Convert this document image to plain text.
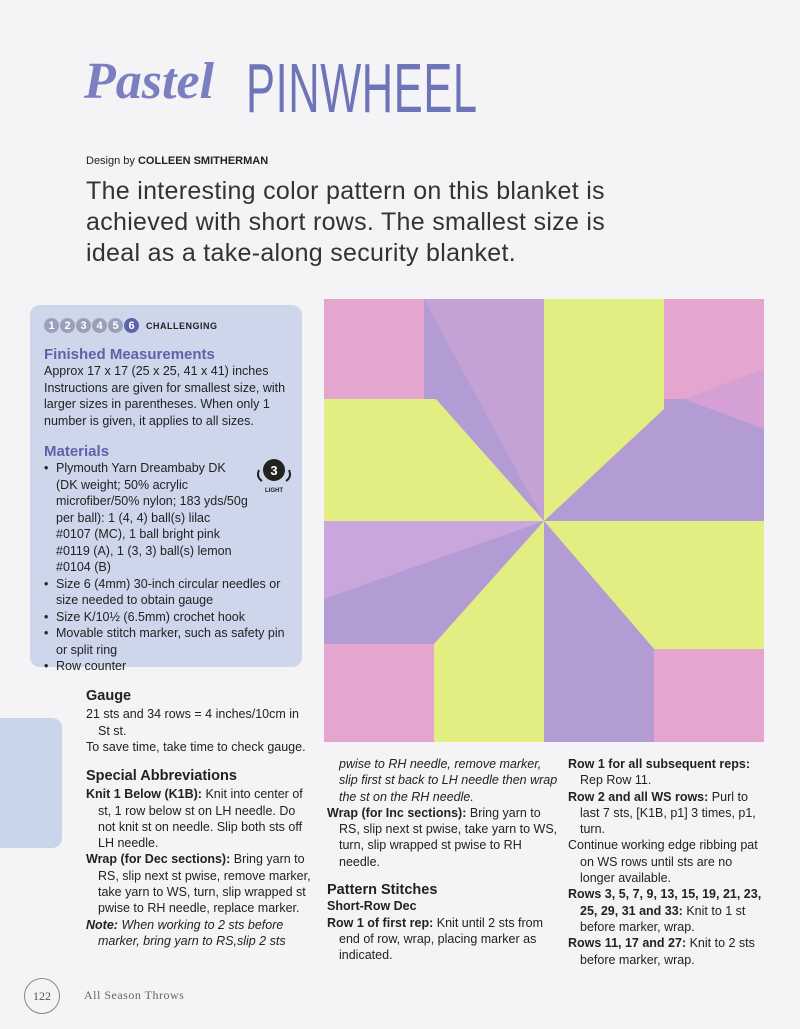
Pastel PINWHEEL
Design by COLLEEN SMITHERMAN
The interesting color pattern on this blanket is achieved with short rows. The smallest size is ideal as a take-along security blanket.
1 2 3 4 5 6	CHALLENGING
Finished Measurements
Approx 17 x 17 (25 x 25, 41 x 41) inches
Instructions are given for smallest size, with larger sizes in parentheses. When only 1 number is given, it applies to all sizes.
Materials
• Plymouth Yarn Dreambaby DK (DK weight; 50% acrylic microfiber/50% nylon; 183 yds/50g per ball): 1 (4, 4) ball(s) lilac #0107 (MC), 1 ball bright pink #0119 (A), 1 (3, 3) ball(s) lemon #0104 (B)
• Size 6 (4mm) 30-inch circular needles or size needed to obtain gauge
• Size K/10½ (6.5mm) crochet hook
• Movable stitch marker, such as safety pin or split ring
• Row counter
3
LIGHT
Gauge
21 sts and 34 rows = 4 inches/10cm in St st.
To save time, take time to check gauge.
Special Abbreviations
Knit 1 Below (K1B): Knit into center of st, 1 row below st on LH needle. Do not knit st on needle. Slip both sts off LH needle.
Wrap (for Dec sections): Bring yarn to RS, slip next st pwise, remove marker, take yarn to WS, turn, slip wrapped st pwise to RH needle, replace marker.
Note: When working to 2 sts before marker, bring yarn to RS,slip 2 sts
pwise to RH needle, remove marker, slip first st back to LH needle then wrap the st on the RH needle.
Wrap (for Inc sections): Bring yarn to RS, slip next st pwise, take yarn to WS, turn, slip wrapped st pwise to RH needle.
Pattern Stitches
Short-Row Dec
Row 1 of first rep: Knit until 2 sts from end of row, wrap, placing marker as indicated.
Row 1 for all subsequent reps: Rep Row 11.
Row 2 and all WS rows: Purl to last 7 sts, [K1B, p1] 3 times, p1, turn.
Continue working edge ribbing pat on WS rows until sts are no longer available.
Rows 3, 5, 7, 9, 13, 15, 19, 21, 23, 25, 29, 31 and 33: Knit to 1 st before marker, wrap.
Rows 11, 17 and 27: Knit to 2 sts before marker, wrap.
122	All Season Throws
